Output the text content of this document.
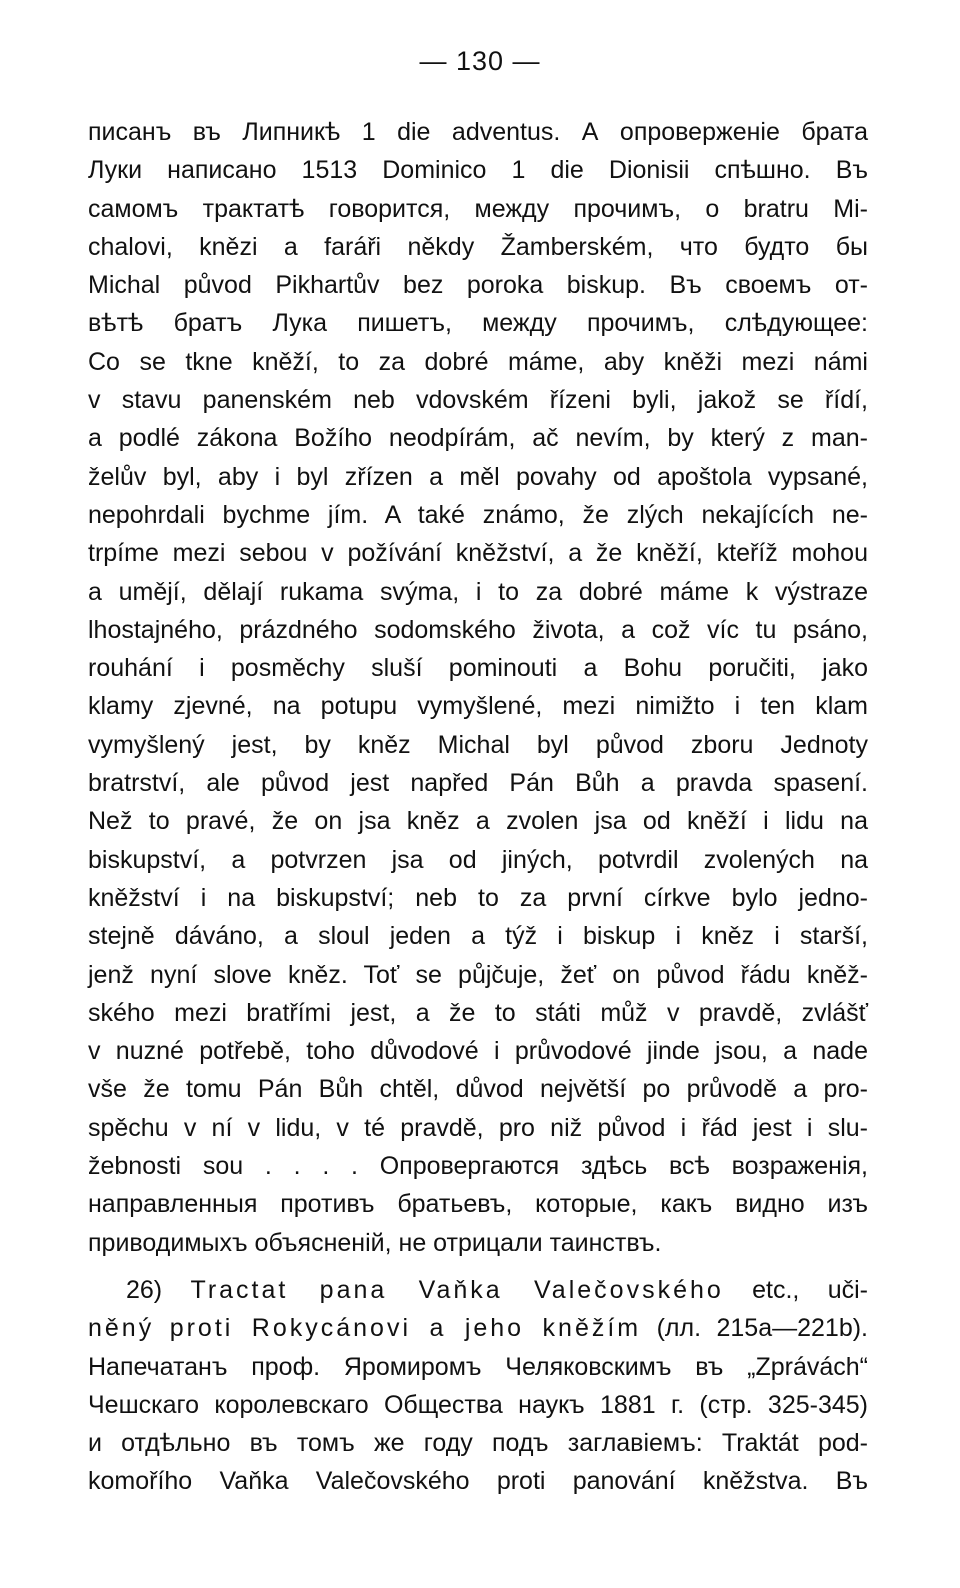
— 130 —
писанъ въ Липникѣ 1 die adventus. А опровержeніе брата
Луки написано 1513 Dominico 1 die Dionisii спѣшно. Въ
самомъ трактатѣ говорится, между прочимъ, о bratru Mi-
chalovi, knězi a faráři někdy Žamberském, что будто бы
Michal původ Pikhartův bez poroka biskup. Въ своемъ от-
вѣтѣ братъ Лука пишетъ, между прочимъ, слѣдующее:
Co se tkne kněží, to za dobré máme, aby kněži mezi námi
v stavu panenském neb vdovském řízeni byli, jakož se řídí,
a podlé zákona Božího neodpírám, ač nevím, by který z man-
želův byl, aby i byl zřízen a měl povahy od apoštola vypsané,
nepohrdali bychme jím. A také známo, že zlých nekajících ne-
trpíme mezi sebou v požívání kněžství, a že kněží, kteříž mohou
a umějí, dělají rukama svýma, i to za dobré máme k výstraze
lhostajného, prázdného sodomského života, a což víc tu psáno,
rouhání i posměchy sluší pominouti a Bohu poručiti, jako
klamy zjevné, na potupu vymyšlené, mezi nimižto i ten klam
vymyšlený jest, by kněz Michal byl původ zboru Jednoty
bratrství, ale původ jest napřed Pán Bůh a pravda spasení.
Než to pravé, že on jsa kněz a zvolen jsa od kněží i lidu na
biskupství, a potvrzen jsa od jiných, potvrdil zvolených na
kněžství i na biskupství; neb to za první církve bylo jedno-
stejně dáváno, a sloul jeden a týž i biskup i kněz i starší,
jenž nyní slove kněz. Toť se půjčuje, žeť on původ řádu kněž-
ského mezi bratřími jest, a že to státi můž v pravdě, zvlášť
v nuzné potřebě, toho důvodové i průvodové jinde jsou, a nade
vše že tomu Pán Bůh chtěl, důvod největší po průvodě a pro-
spěchu v ní v lidu, v té pravdě, pro niž původ i řád jest i slu-
žebnosti sou . . . . Опровергаются здѣсь всѣ возраженія,
направленныя противъ братьевъ, которые, какъ видно изъ
приводимыхъ объясненій, не отрицали таинствъ.
26) Tractat pana Vaňka Valečovského etc., uči-
něný proti Rokycánovi a jeho kněžím (лл. 215a—221b).
Напечатанъ проф. Яромиромъ Челяковскимъ въ „Zprávách“
Чешскаго королевскаго Общества наукъ 1881 г. (стр. 325-345)
и отдѣльно въ томъ же году подъ заглавіемъ: Traktát pod-
komořího Vaňka Valečovského proti panování kněžstva. Въ
